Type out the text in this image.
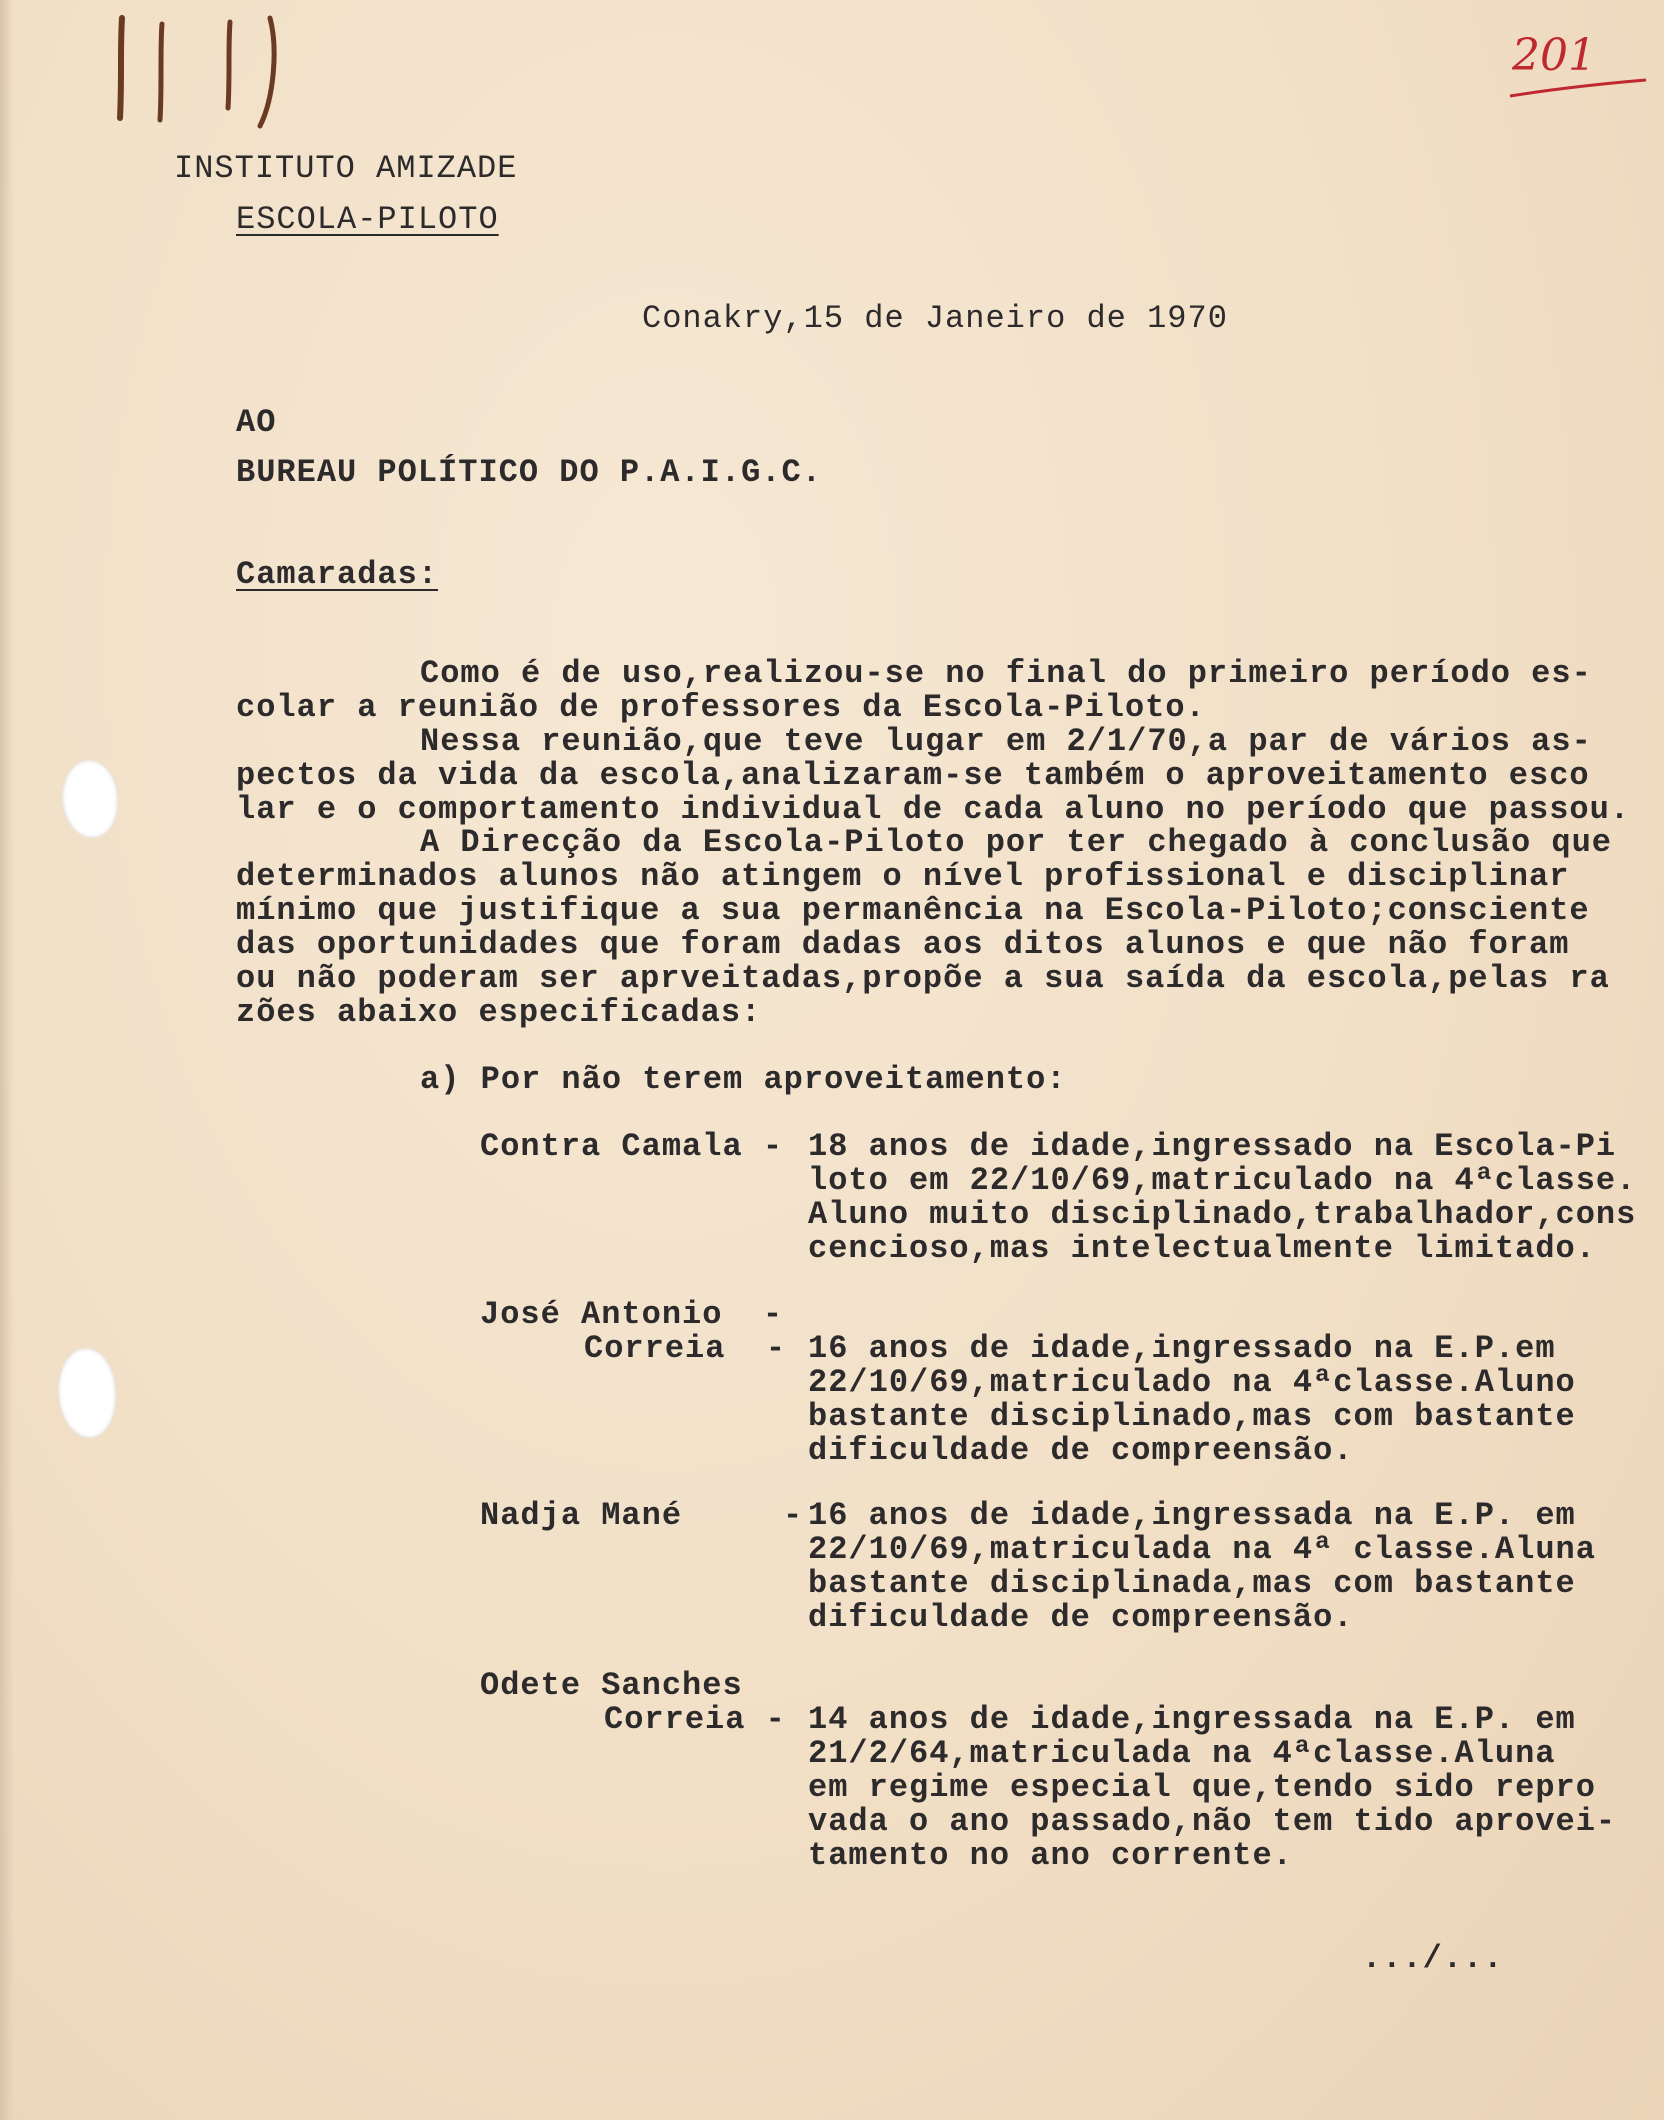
201
INSTITUTO AMIZADE
ESCOLA-PILOTO
Conakry,15 de Janeiro de 1970
AO
BUREAU POLÍTICO DO P.A.I.G.C.
Camaradas:
Como é de uso,realizou-se no final do primeiro período es-
colar a reunião de professores da Escola-Piloto.
Nessa reunião,que teve lugar em 2/1/70,a par de vários as-
pectos da vida da escola,analizaram-se também o aproveitamento esco
lar e o comportamento individual de cada aluno no período que passou.
A Direcção da Escola-Piloto por ter chegado à conclusão que
determinados alunos não atingem o nível profissional e disciplinar
mínimo que justifique a sua permanência na Escola-Piloto;consciente
das oportunidades que foram dadas aos ditos alunos e que não foram
ou não poderam ser aprveitadas,propõe a sua saída da escola,pelas ra
zões abaixo especificadas:
a) Por não terem aproveitamento:
Contra Camala - 18 anos de idade,ingressado na Escola-Pi
loto em 22/10/69,matriculado na 4ªclasse.
Aluno muito disciplinado,trabalhador,cons
cencioso,mas intelectualmente limitado.
José Antonio  -
Correia  - 16 anos de idade,ingressado na E.P.em
22/10/69,matriculado na 4ªclasse.Aluno
bastante disciplinado,mas com bastante
dificuldade de compreensão.
Nadja Mané     - 16 anos de idade,ingressada na E.P. em
22/10/69,matriculada na 4ª classe.Aluna
bastante disciplinada,mas com bastante
dificuldade de compreensão.
Odete Sanches
Correia - 14 anos de idade,ingressada na E.P. em
21/2/64,matriculada na 4ªclasse.Aluna
em regime especial que,tendo sido repro
vada o ano passado,não tem tido aprovei-
tamento no ano corrente.
.../...
